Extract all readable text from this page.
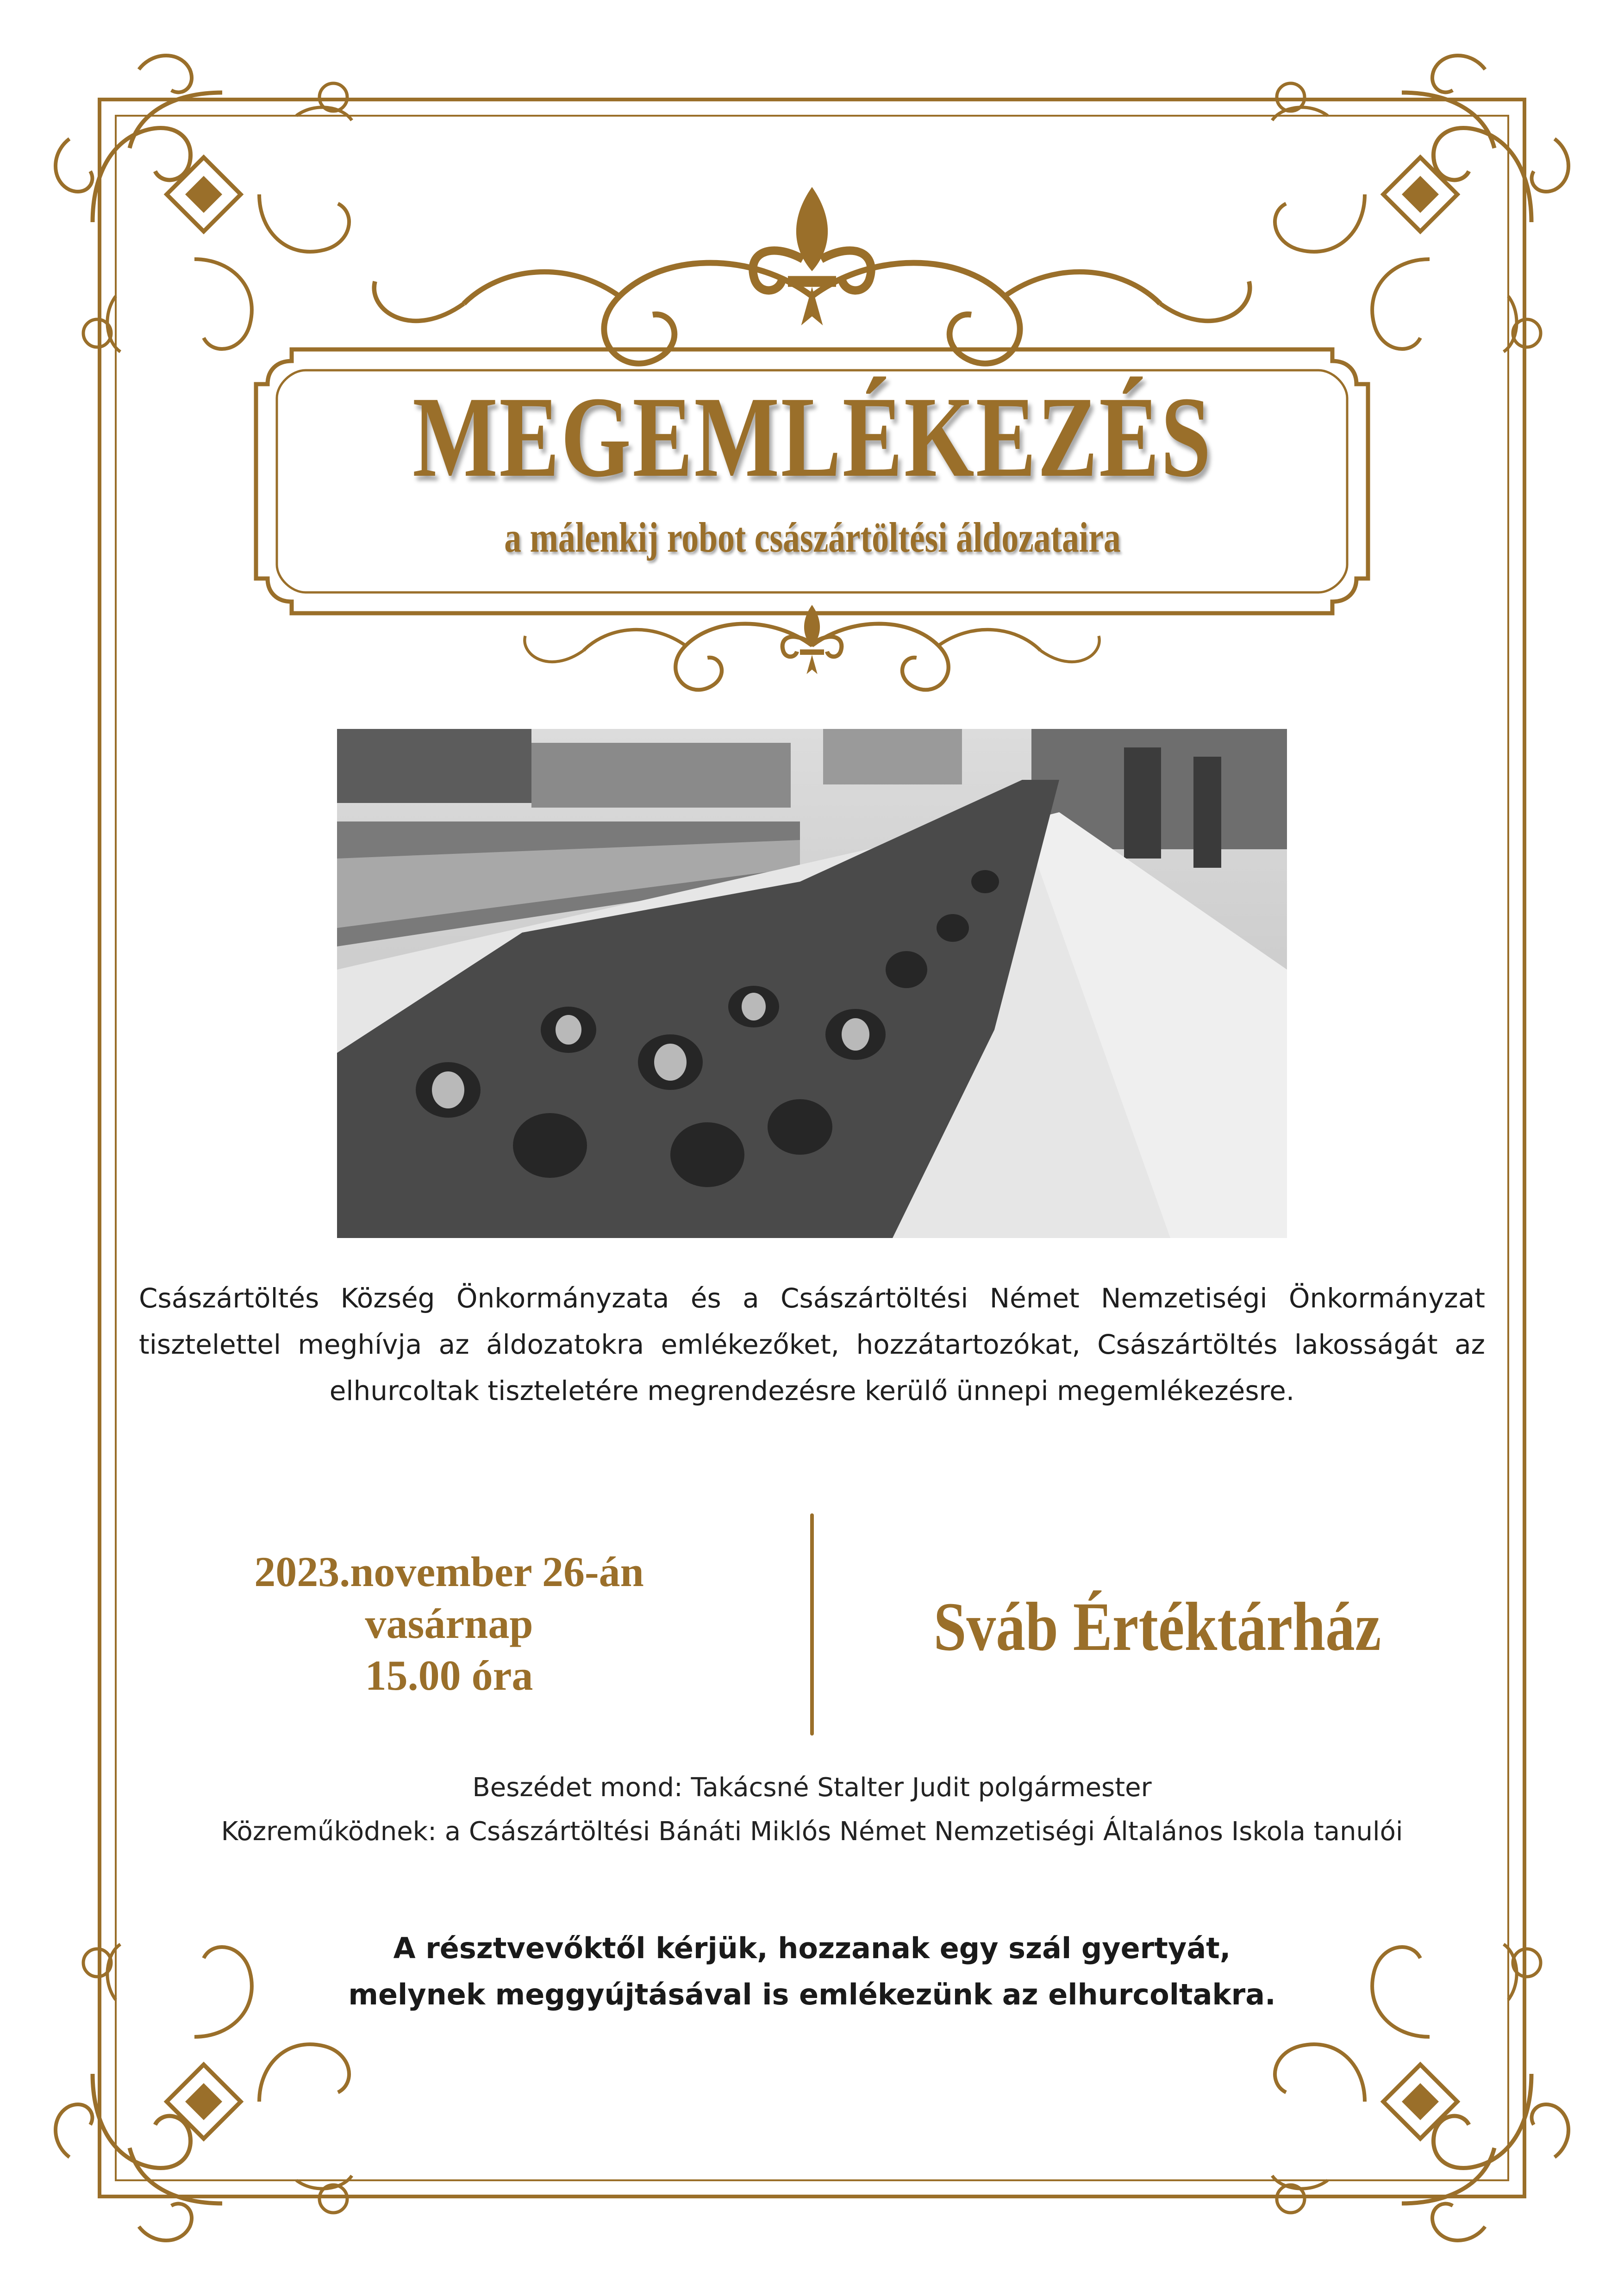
MEGEMLÉKEZÉS
a málenkij robot császártöltési áldozataira
Császártöltés Község Önkormányzata és a Császártöltési Német Nemzetiségi Önkormányzat tisztelettel meghívja az áldozatokra emlékezőket, hozzátartozókat, Császártöltés lakosságát az elhurcoltak tiszteletére megrendezésre kerülő ünnepi megemlékezésre.
2023.november 26-án
vasárnap
15.00 óra
Sváb Értéktárház
Beszédet mond: Takácsné Stalter Judit polgármester
Közreműködnek: a Császártöltési Bánáti Miklós Német Nemzetiségi Általános Iskola tanulói
A résztvevőktől kérjük, hozzanak egy szál gyertyát,
melynek meggyújtásával is emlékezünk az elhurcoltakra.
